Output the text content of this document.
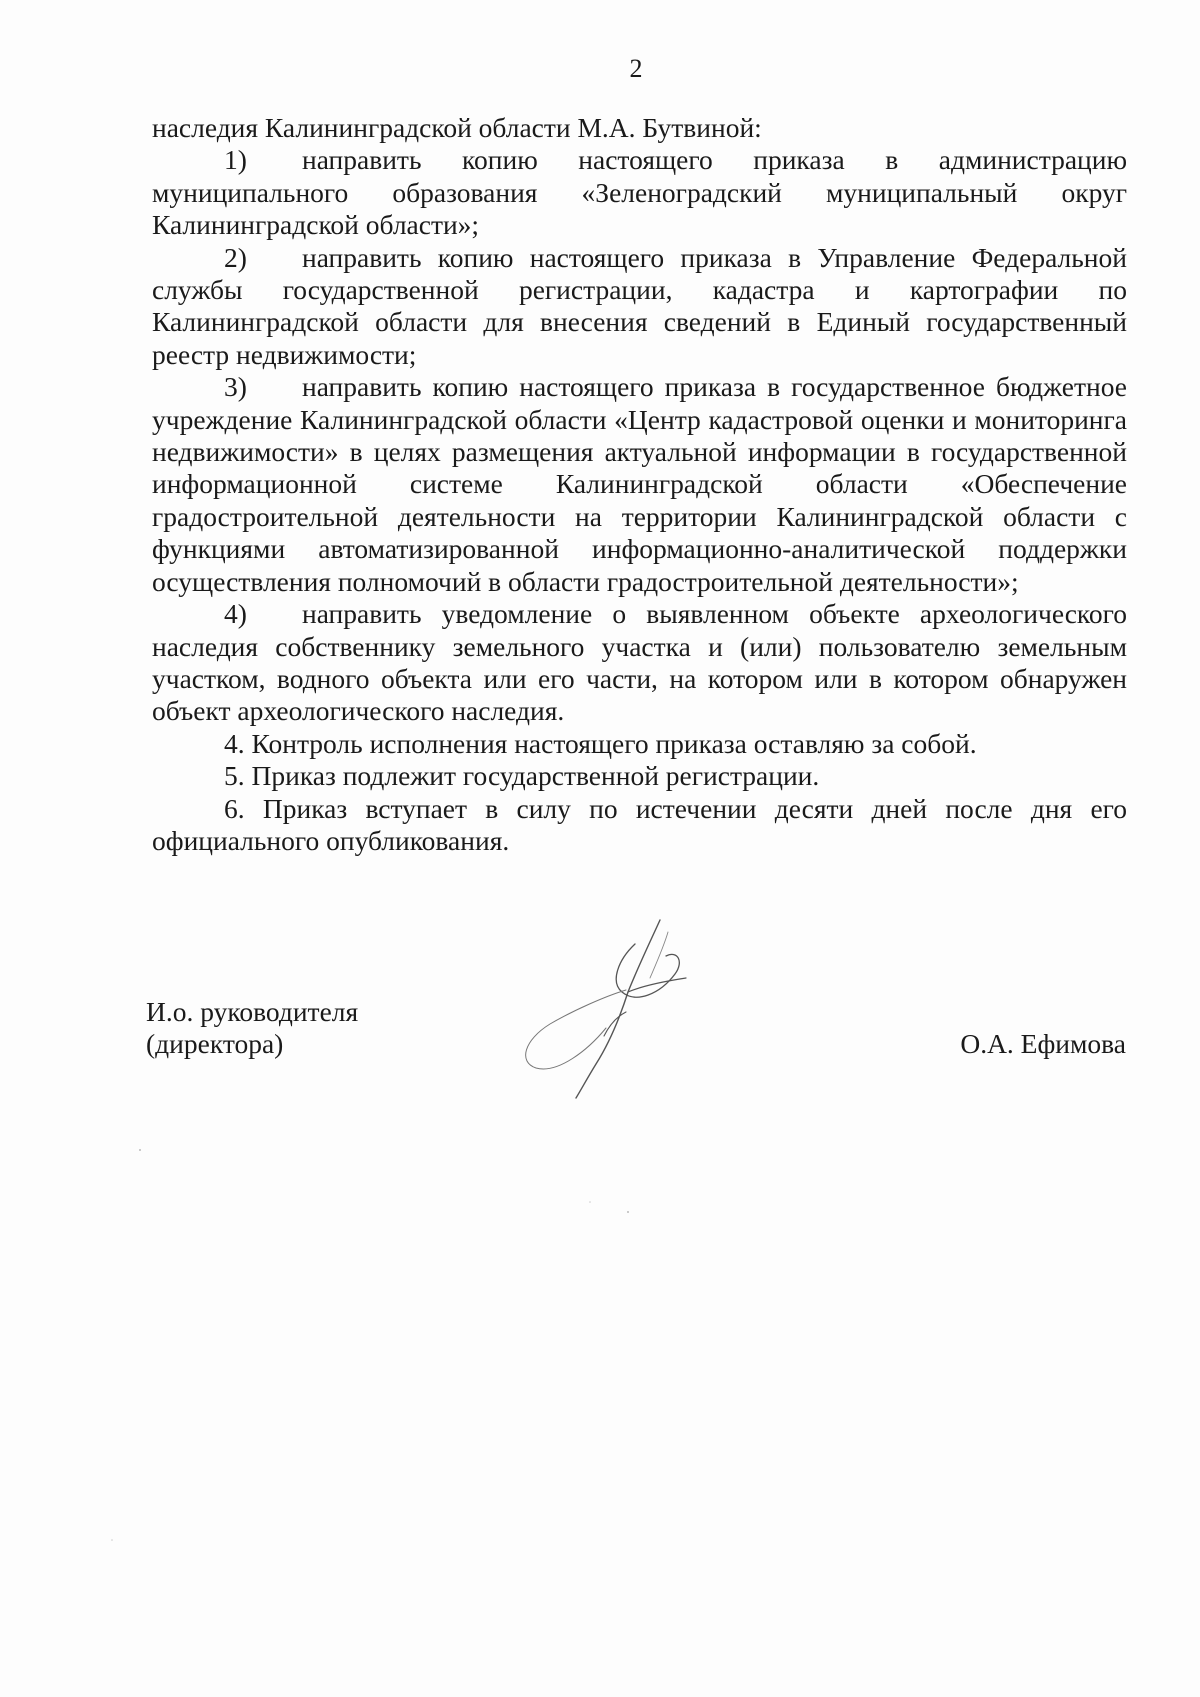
2

наследия Калининградской области М.А. Бутвиной:

1) направить копию настоящего приказа в администрацию муниципального образования «Зеленоградский муниципальный округ Калининградской области»;

2) направить копию настоящего приказа в Управление Федеральной службы государственной регистрации, кадастра и картографии по Калининградской области для внесения сведений в Единый государственный реестр недвижимости;

3) направить копию настоящего приказа в государственное бюджетное учреждение Калининградской области «Центр кадастровой оценки и мониторинга недвижимости» в целях размещения актуальной информации в государственной информационной системе Калининградской области «Обеспечение градостроительной деятельности на территории Калининградской области с функциями автоматизированной информационно-аналитической поддержки осуществления полномочий в области градостроительной деятельности»;

4) направить уведомление о выявленном объекте археологического наследия собственнику земельного участка и (или) пользователю земельным участком, водного объекта или его части, на котором или в котором обнаружен объект археологического наследия.

4. Контроль исполнения настоящего приказа оставляю за собой.

5. Приказ подлежит государственной регистрации.

6. Приказ вступает в силу по истечении десяти дней после дня его официального опубликования.

И.о. руководителя
(директора)	О.А. Ефимова
